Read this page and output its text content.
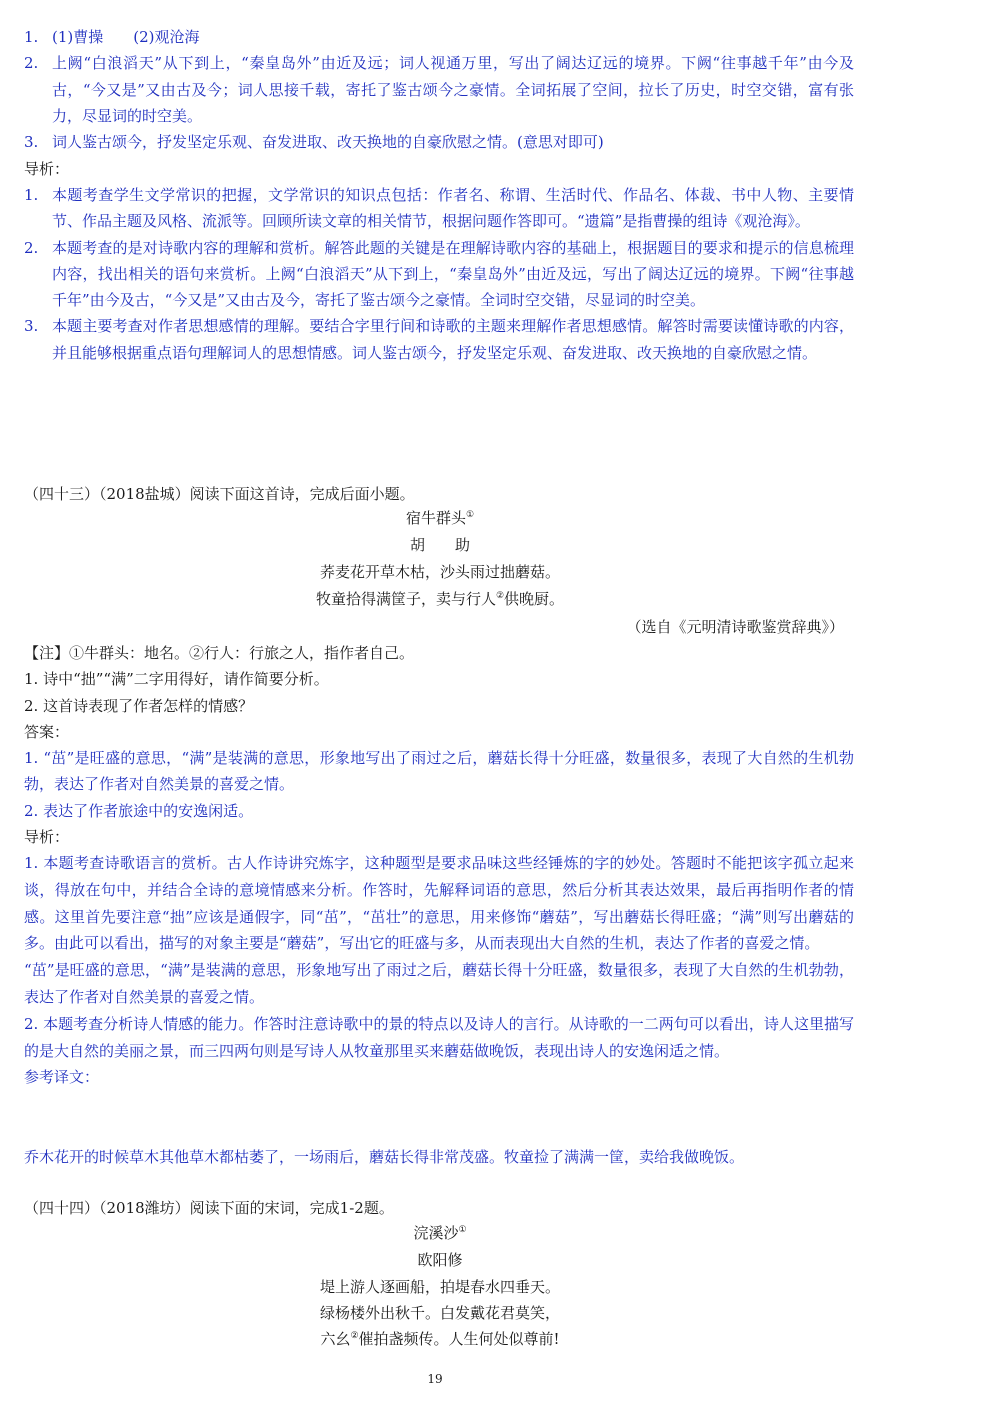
1. (1)曹操　　(2)观沧海
2. 上阙“白浪滔天”从下到上，“秦皇岛外”由近及远；词人视通万里，写出了阔达辽远的境界。下阙“往事越千年”由今及古，“今又是”又由古及今；词人思接千载，寄托了鉴古颂今之豪情。全词拓展了空间，拉长了历史，时空交错，富有张力，尽显词的时空美。
3. 词人鉴古颂今，抒发坚定乐观、奋发进取、改天换地的自豪欣慰之情。(意思对即可)
导析：
1. 本题考查学生文学常识的把握，文学常识的知识点包括：作者名、称谓、生活时代、作品名、体裁、书中人物、主要情节、作品主题及风格、流派等。回顾所读文章的相关情节，根据问题作答即可。“遗篇”是指曹操的组诗《观沧海》。
2. 本题考查的是对诗歌内容的理解和赏析。解答此题的关键是在理解诗歌内容的基础上，根据题目的要求和提示的信息梳理内容，找出相关的语句来赏析。上阙“白浪滔天”从下到上，“秦皇岛外”由近及远，写出了阔达辽远的境界。下阙“往事越千年”由今及古，“今又是”又由古及今，寄托了鉴古颂今之豪情。全词时空交错，尽显词的时空美。
3. 本题主要考查对作者思想感情的理解。要结合字里行间和诗歌的主题来理解作者思想感情。解答时需要读懂诗歌的内容，并且能够根据重点语句理解词人的思想情感。词人鉴古颂今，抒发坚定乐观、奋发进取、改天换地的自豪欣慰之情。
（四十三）（2018盐城）阅读下面这首诗，完成后面小题。
宿牛群头①
胡　　助
荞麦花开草木枯，沙头雨过拙蘑菇。
牧童拾得满筐子，卖与行人②供晚厨。
（选自《元明清诗歌鉴赏辞典》）
【注】①牛群头：地名。②行人：行旅之人，指作者自己。
1. 诗中“拙”“满”二字用得好，请作简要分析。
2. 这首诗表现了作者怎样的情感？
答案：
1. “茁”是旺盛的意思，“满”是装满的意思，形象地写出了雨过之后，蘑菇长得十分旺盛，数量很多，表现了大自然的生机勃勃，表达了作者对自然美景的喜爱之情。
2. 表达了作者旅途中的安逸闲适。
导析：
1. 本题考查诗歌语言的赏析。古人作诗讲究炼字，这种题型是要求品味这些经锤炼的字的妙处。答题时不能把该字孤立起来谈，得放在句中，并结合全诗的意境情感来分析。作答时，先解释词语的意思，然后分析其表达效果，最后再指明作者的情感。这里首先要注意“拙”应该是通假字，同“茁”，“茁壮”的意思，用来修饰“蘑菇”，写出蘑菇长得旺盛；“满”则写出蘑菇的多。由此可以看出，描写的对象主要是“蘑菇”，写出它的旺盛与多，从而表现出大自然的生机，表达了作者的喜爱之情。
“茁”是旺盛的意思，“满”是装满的意思，形象地写出了雨过之后，蘑菇长得十分旺盛，数量很多，表现了大自然的生机勃勃，表达了作者对自然美景的喜爱之情。
2. 本题考查分析诗人情感的能力。作答时注意诗歌中的景的特点以及诗人的言行。从诗歌的一二两句可以看出，诗人这里描写的是大自然的美丽之景，而三四两句则是写诗人从牧童那里买来蘑菇做晚饭，表现出诗人的安逸闲适之情。
参考译文：
乔木花开的时候草木其他草木都枯萎了，一场雨后，蘑菇长得非常茂盛。牧童捡了满满一筐，卖给我做晚饭。
（四十四）（2018潍坊）阅读下面的宋词，完成1-2题。
浣溪沙①
欧阳修
堤上游人逐画船，拍堤春水四垂天。
绿杨楼外出秋千。白发戴花君莫笑，
六幺②催拍盏频传。人生何处似尊前!
19
